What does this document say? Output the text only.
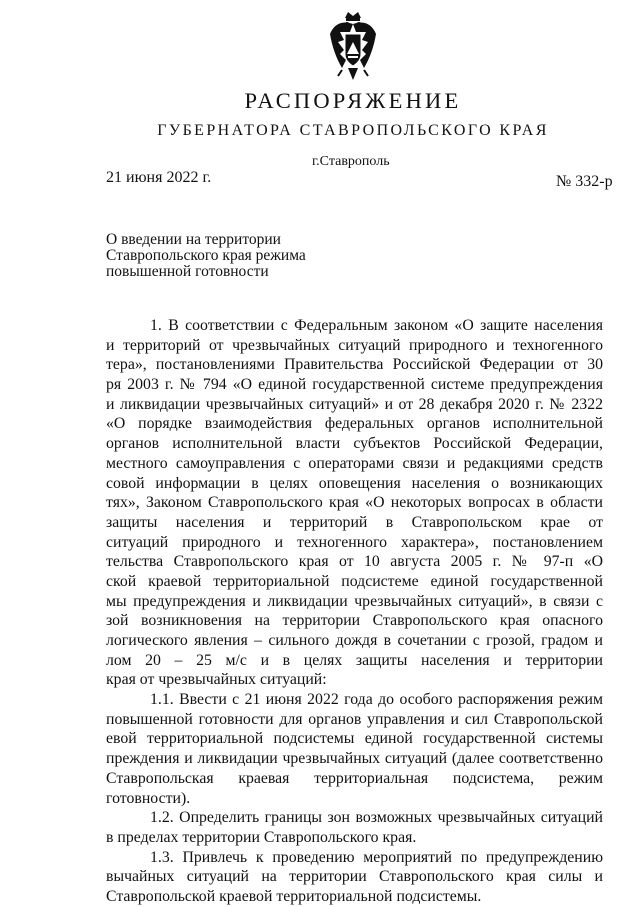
РАСПОРЯЖЕНИЕ
ГУБЕРНАТОРА СТАВРОПОЛЬСКОГО КРАЯ
г.Ставрополь
21 июня 2022 г.	№ 332-р
О введении на территории
Ставропольского края режима
повышенной готовности
1. В соответствии с Федеральным законом «О защите населения
и территорий от чрезвычайных ситуаций природного и техногенного
тера», постановлениями Правительства Российской Федерации от 30
ря 2003 г. № 794 «О единой государственной системе предупреждения
и ликвидации чрезвычайных ситуаций» и от 28 декабря 2020 г. № 2322
«О порядке взаимодействия федеральных органов исполнительной
органов исполнительной власти субъектов Российской Федерации,
местного самоуправления с операторами связи и редакциями средств
совой информации в целях оповещения населения о возникающих
тях», Законом Ставропольского края «О некоторых вопросах в области
защиты населения и территорий в Ставропольском крае от
ситуаций природного и техногенного характера», постановлением
тельства Ставропольского края от 10 августа 2005 г. № 97-п «О
ской краевой территориальной подсистеме единой государственной
мы предупреждения и ликвидации чрезвычайных ситуаций», в связи с
зой возникновения на территории Ставропольского края опасного
логического явления – сильного дождя в сочетании с грозой, градом и
лом 20 – 25 м/с и в целях защиты населения и территории
края от чрезвычайных ситуаций:
1.1. Ввести с 21 июня 2022 года до особого распоряжения режим
повышенной готовности для органов управления и сил Ставропольской
евой территориальной подсистемы единой государственной системы
преждения и ликвидации чрезвычайных ситуаций (далее соответственно
Ставропольская краевая территориальная подсистема, режим
готовности).
1.2. Определить границы зон возможных чрезвычайных ситуаций
в пределах территории Ставропольского края.
1.3. Привлечь к проведению мероприятий по предупреждению
вычайных ситуаций на территории Ставропольского края силы и
Ставропольской краевой территориальной подсистемы.
